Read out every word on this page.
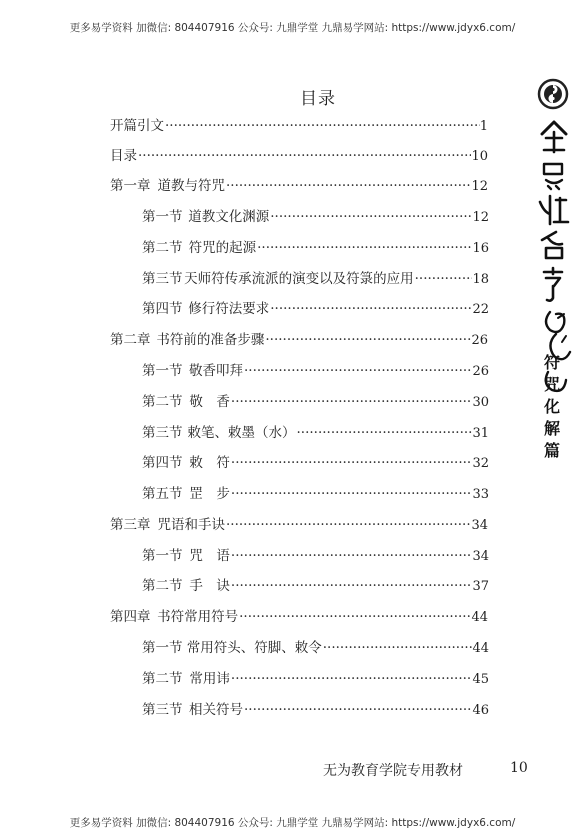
更多易学资料 加微信: 804407916 公众号: 九鼎学堂 九鼎易学网站: https://www.jdyx6.com/
目录
开篇引文 ·····	1
目录 ·····	10
第一章 道教与符咒 ·····	12
第一节 道教文化渊源 ·····	12
第二节 符咒的起源 ·····	16
第三节 天师符传承流派的演变以及符箓的应用 ·····	18
第四节 修行符法要求 ·····	22
第二章 书符前的准备步骤 ·····	26
第一节 敬香叩拜 ·····	26
第二节 敬　香 ·····	30
第三节 敕笔、敕墨（水） ·····	31
第四节 敕　符 ·····	32
第五节 罡　步 ·····	33
第三章 咒语和手诀 ·····	34
第一节 咒　语 ·····	34
第二节 手　诀 ·····	37
第四章 书符常用符号 ·····	44
第一节 常用符头、符脚、敕令 ·····	44
第二节 常用讳 ·····	45
第三节 相关符号 ·····	46
符
咒
化
解
篇
无为教育学院专用教材	10
更多易学资料 加微信: 804407916 公众号: 九鼎学堂 九鼎易学网站: https://www.jdyx6.com/
